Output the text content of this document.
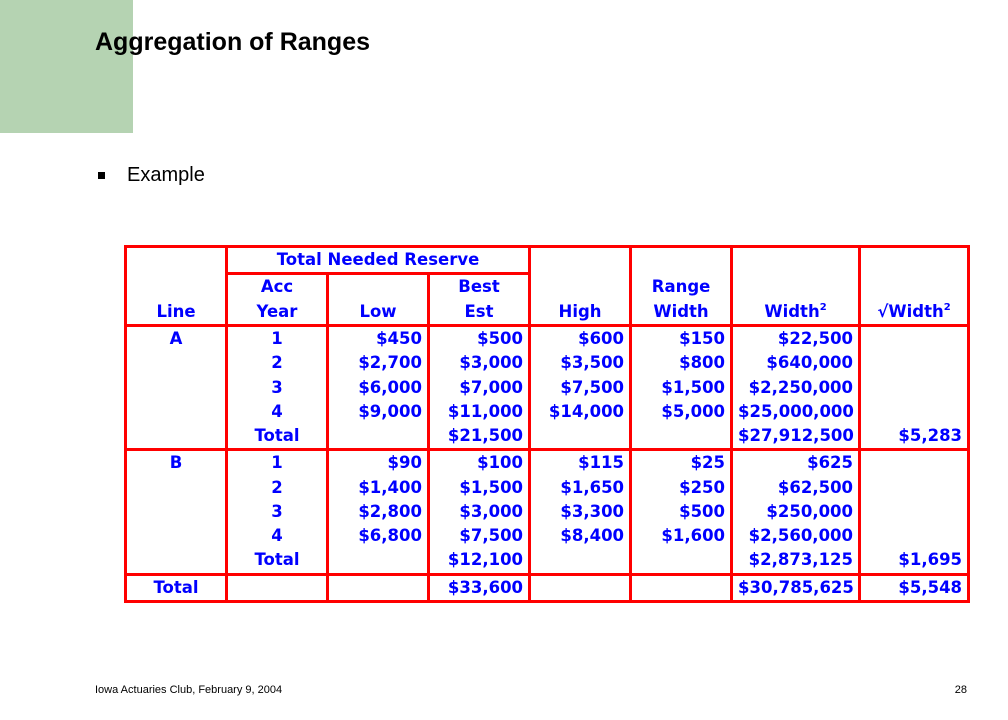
Aggregation of Ranges
Example
	Total Needed Reserve						
	Acc		Best		Range		
Line	Year	Low	Est	High	Width	Width$^2$	√Width$^2$
A	1	$450	$500	$600	$150	$22,500	
	2	$2,700	$3,000	$3,500	$800	$640,000	
	3	$6,000	$7,000	$7,500	$1,500	$2,250,000	
	4	$9,000	$11,000	$14,000	$5,000	$25,000,000	
	Total		$21,500			$27,912,500	$5,283
B	1	$90	$100	$115	$25	$625	
	2	$1,400	$1,500	$1,650	$250	$62,500	
	3	$2,800	$3,000	$3,300	$500	$250,000	
	4	$6,800	$7,500	$8,400	$1,600	$2,560,000	
	Total		$12,100			$2,873,125	$1,695
Total			$33,600			$30,785,625	$5,548
Iowa Actuaries Club, February 9, 2004	28
